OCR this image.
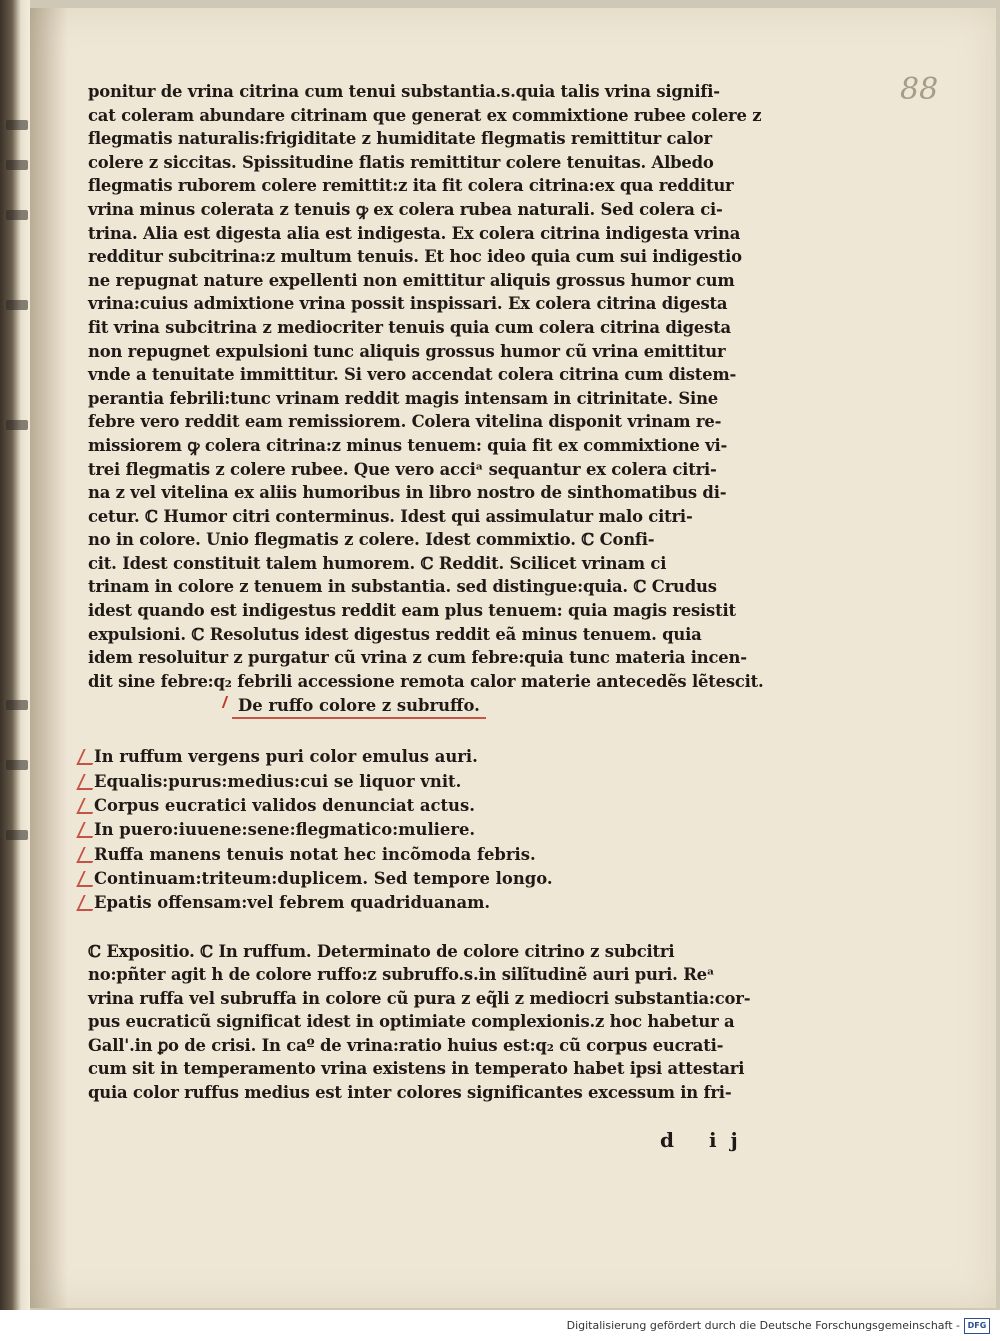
88
ponitur de vrina citrina cum tenui substantia.s.quia talis vrina signifi-
cat coleram abundare citrinam que generat ex commixtione rubee colere z
flegmatis naturalis:frigiditate z humiditate flegmatis remittitur calor
colere z siccitas. Spissitudine flatis remittitur colere tenuitas. Albedo
flegmatis ruborem colere remittit:z ita fit colera citrina:ex qua redditur
vrina minus colerata z tenuis ꝙ ex colera rubea naturali. Sed colera ci-
trina. Alia est digesta alia est indigesta. Ex colera citrina indigesta vrina
redditur subcitrina:z multum tenuis. Et hoc ideo quia cum sui indigestio
ne repugnat nature expellenti non emittitur aliquis grossus humor cum
vrina:cuius admixtione vrina possit inspissari. Ex colera citrina digesta
fit vrina subcitrina z mediocriter tenuis quia cum colera citrina digesta
non repugnet expulsioni tunc aliquis grossus humor cũ vrina emittitur
vnde a tenuitate immittitur. Si vero accendat colera citrina cum distem-
perantia febrili:tunc vrinam reddit magis intensam in citrinitate. Sine
febre vero reddit eam remissiorem. Colera vitelina disponit vrinam re-
missiorem ꝙ colera citrina:z minus tenuem: quia fit ex commixtione vi-
trei flegmatis z colere rubee. Que vero acciᵃ sequantur ex colera citri-
na z vel vitelina ex aliis humoribus in libro nostro de sinthomatibus di-
cetur. ℂ Humor citri conterminus. Idest qui assimulatur malo citri-
no in colore. Unio flegmatis z colere. Idest commixtio. ℂ Confi-
cit. Idest constituit talem humorem. ℂ Reddit. Scilicet vrinam ci
trinam in colore z tenuem in substantia. sed distingue:quia. ℂ Crudus
idest quando est indigestus reddit eam plus tenuem: quia magis resistit
expulsioni. ℂ Resolutus idest digestus reddit eã minus tenuem. quia
idem resoluitur z purgatur cũ vrina z cum febre:quia tunc materia incen-
dit sine febre:q₂ febrili accessione remota calor materie antecedẽs lẽtescit.
De ruffo colore z subruffo.
In ruffum vergens puri color emulus auri.
Equalis:purus:medius:cui se liquor vnit.
Corpus eucratici validos denunciat actus.
In puero:iuuene:sene:flegmatico:muliere.
Ruffa manens tenuis notat hec incõmoda febris.
Continuam:triteum:duplicem. Sed tempore longo.
Epatis offensam:vel febrem quadriduanam.
ℂ Expositio. ℂ In ruffum. Determinato de colore citrino z subcitri
no:pñter agit h de colore ruffo:z subruffo.s.in silĩtudinẽ auri puri. Reᵃ
vrina ruffa vel subruffa in colore cũ pura z eq̃li z mediocri substantia:cor-
pus eucraticũ significat idest in optimiate complexionis.z hoc habetur a
Gall'.in ꝑo de crisi. In caº de vrina:ratio huius est:q₂ cũ corpus eucrati-
cum sit in temperamento vrina existens in temperato habet ipsi attestari
quia color ruffus medius est inter colores significantes excessum in fri-
d ij
Digitalisierung gefördert durch die Deutsche Forschungsgemeinschaft - DFG
